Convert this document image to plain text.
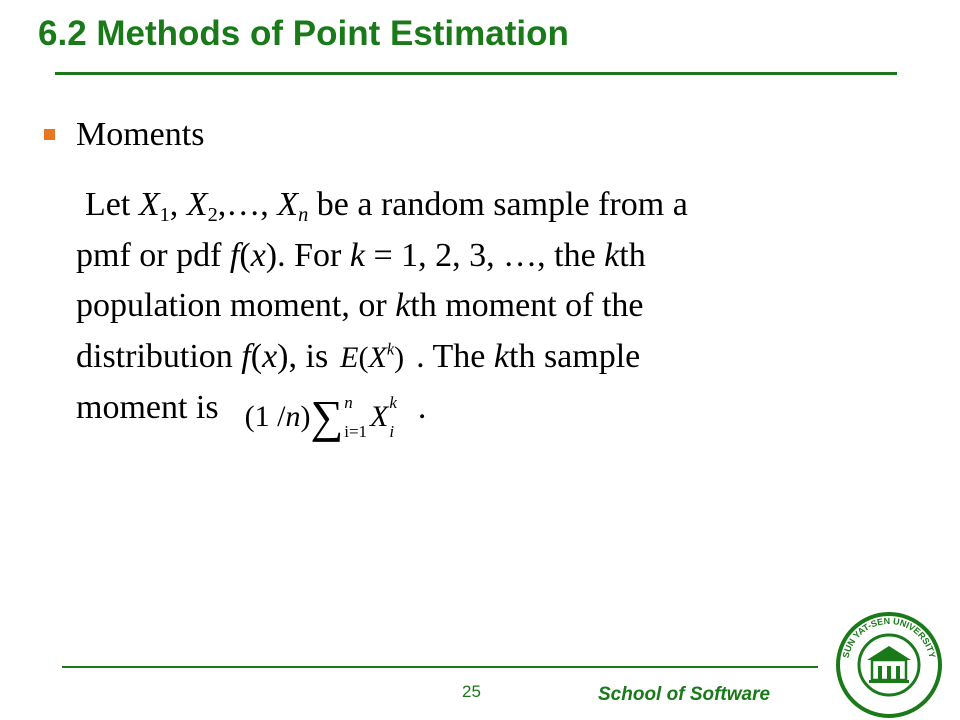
6.2 Methods of Point Estimation
Moments
Let $X_1$, $X_2,\dots$, $X_n$ be a random sample from a
pmf or pdf f(x). For k = 1, 2, 3, …, the kth
population moment, or kth moment of the
distribution f(x), is $E(X^k)$ . The kth sample
moment is (1 / n ) ∑ n
i=1 X k
i
.
25	School of Software
SUN YAT-SEN UNIVERSITY
